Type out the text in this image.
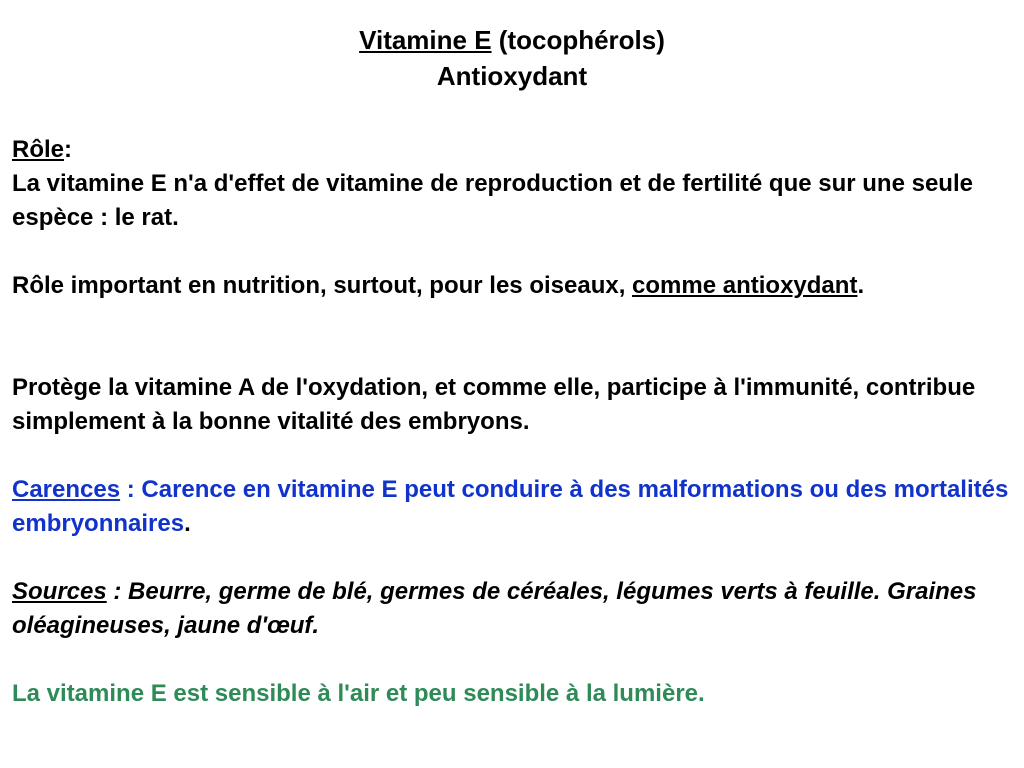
Vitamine E (tocophérols)
Antioxydant

Rôle:

La vitamine E n'a d'effet de vitamine de reproduction et de fertilité que sur une seule espèce : le rat.

Rôle important en nutrition, surtout, pour les oiseaux, comme antioxydant.

Protège la vitamine A de l'oxydation, et comme elle, participe à l'immunité, contribue simplement à la bonne vitalité des embryons.

Carences : Carence en vitamine E peut conduire à des malformations ou des mortalités embryonnaires.

Sources : Beurre, germe de blé, germes de céréales, légumes verts à feuille. Graines oléagineuses, jaune d'œuf.

La vitamine E est sensible à l'air et peu sensible à la lumière.
